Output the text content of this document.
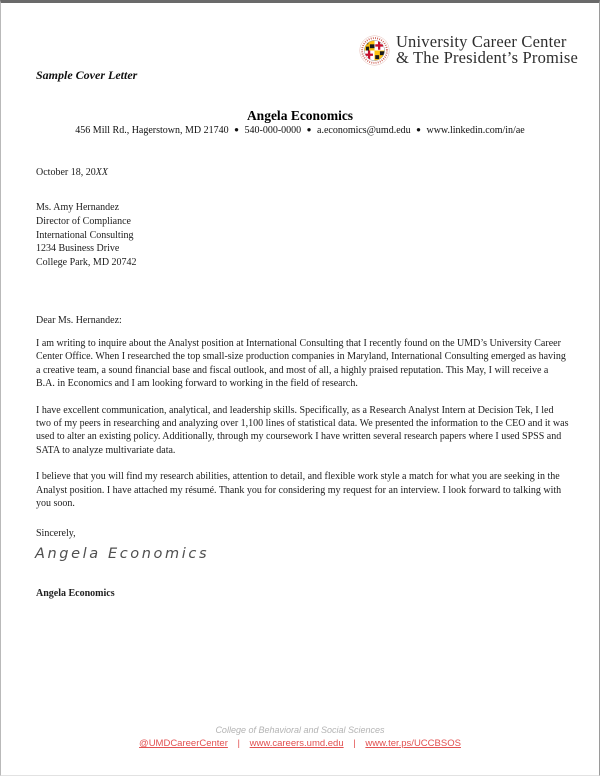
University Career Center
& The President’s Promise
Sample Cover Letter
Angela Economics
456 Mill Rd., Hagerstown, MD 21740 ● 540-000-0000 ● a.economics@umd.edu ● www.linkedin.com/in/ae
October 18, 20XX
Ms. Amy Hernandez
Director of Compliance
International Consulting
1234 Business Drive
College Park, MD 20742
Dear Ms. Hernandez:

I am writing to inquire about the Analyst position at International Consulting that I recently found on the UMD’s University Career Center Office. When I researched the top small-size production companies in Maryland, International Consulting emerged as having a creative team, a sound financial base and fiscal outlook, and most of all, a highly praised reputation. This May, I will receive a B.A. in Economics and I am looking forward to working in the field of research.

I have excellent communication, analytical, and leadership skills. Specifically, as a Research Analyst Intern at Decision Tek, I led two of my peers in researching and analyzing over 1,100 lines of statistical data. We presented the information to the CEO and it was used to alter an existing policy. Additionally, through my coursework I have written several research papers where I used SPSS and SATA to analyze multivariate data.

I believe that you will find my research abilities, attention to detail, and flexible work style a match for what you are seeking in the Analyst position. I have attached my résumé. Thank you for considering my request for an interview. I look forward to talking with you soon.

Sincerely,
Angela Economics
Angela Economics
College of Behavioral and Social Sciences
@UMDCareerCenter | www.careers.umd.edu | www.ter.ps/UCCBSOS
